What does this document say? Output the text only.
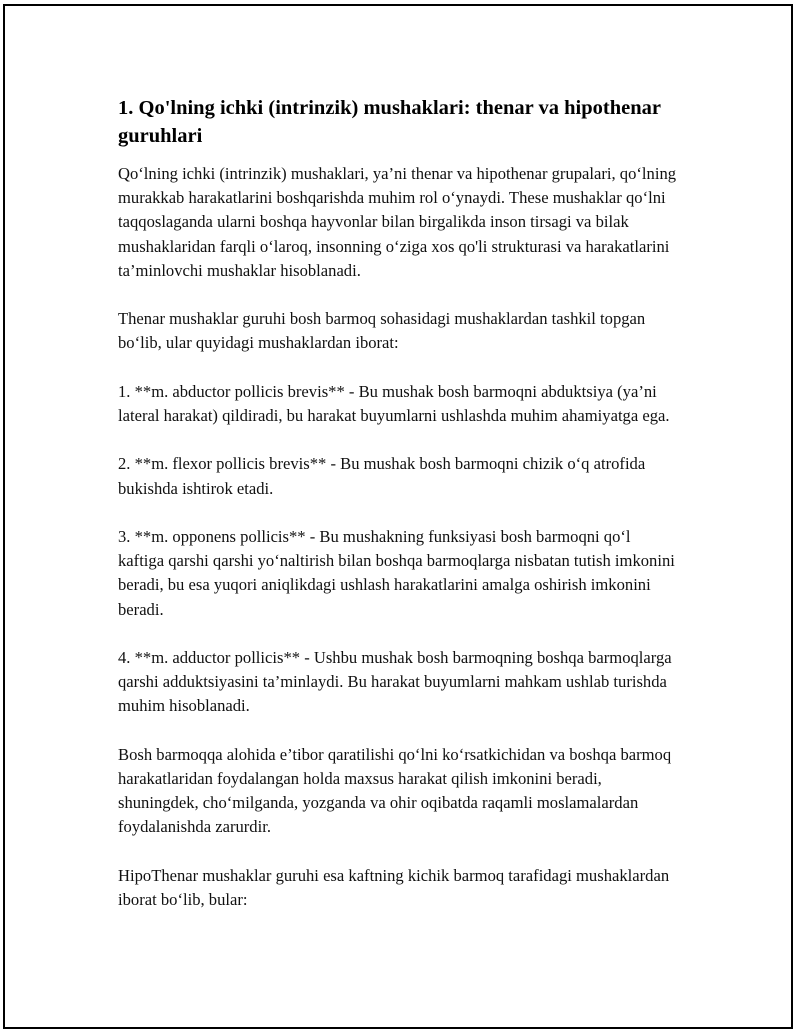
1. Qo'lning ichki (intrinzik) mushaklari: thenar va hipothenar guruhlari

Qo‘lning ichki (intrinzik) mushaklari, ya’ni thenar va hipothenar grupalari, qo‘lning murakkab harakatlarini boshqarishda muhim rol o‘ynaydi. These mushaklar qo‘lni taqqoslaganda ularni boshqa hayvonlar bilan birgalikda inson tirsagi va bilak mushaklaridan farqli o‘laroq, insonning o‘ziga xos qo'li strukturasi va harakatlarini ta’minlovchi mushaklar hisoblanadi.

Thenar mushaklar guruhi bosh barmoq sohasidagi mushaklardan tashkil topgan bo‘lib, ular quyidagi mushaklardan iborat:

1. **m. abductor pollicis brevis** - Bu mushak bosh barmoqni abduktsiya (ya’ni lateral harakat) qildiradi, bu harakat buyumlarni ushlashda muhim ahamiyatga ega.

2. **m. flexor pollicis brevis** - Bu mushak bosh barmoqni chizik o‘q atrofida bukishda ishtirok etadi.

3. **m. opponens pollicis** - Bu mushakning funksiyasi bosh barmoqni qo‘l kaftiga qarshi qarshi yo‘naltirish bilan boshqa barmoqlarga nisbatan tutish imkonini beradi, bu esa yuqori aniqlikdagi ushlash harakatlarini amalga oshirish imkonini beradi.

4. **m. adductor pollicis** - Ushbu mushak bosh barmoqning boshqa barmoqlarga qarshi adduktsiyasini ta’minlaydi. Bu harakat buyumlarni mahkam ushlab turishda muhim hisoblanadi.

Bosh barmoqqa alohida e’tibor qaratilishi qo‘lni ko‘rsatkichidan va boshqa barmoq harakatlaridan foydalangan holda maxsus harakat qilish imkonini beradi, shuningdek, cho‘milganda, yozganda va ohir oqibatda raqamli moslamalardan foydalanishda zarurdir.

HipoThenar mushaklar guruhi esa kaftning kichik barmoq tarafidagi mushaklardan iborat bo‘lib, bular:
